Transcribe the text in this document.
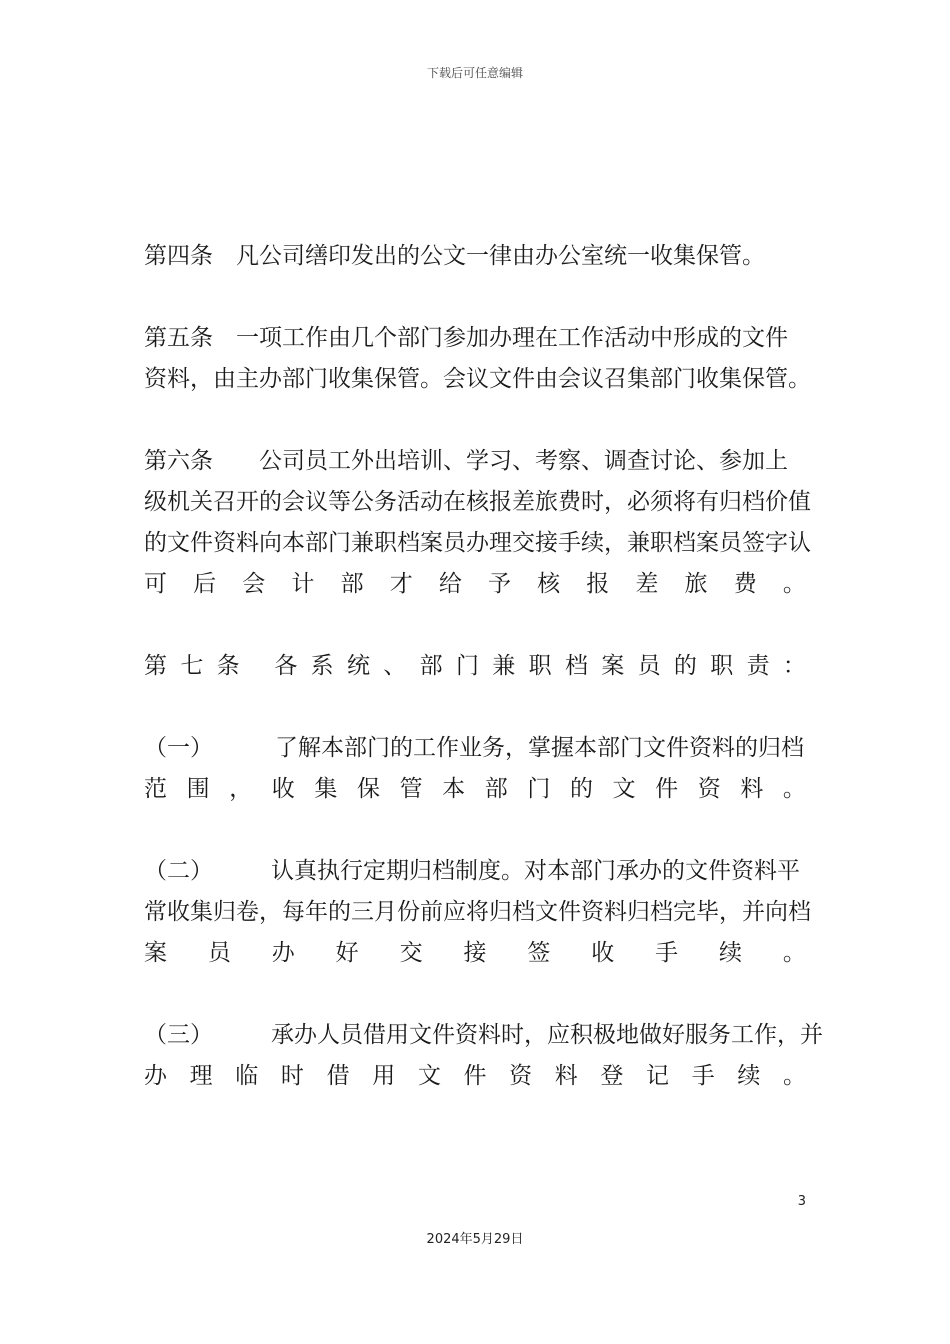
下载后可任意编辑
第四条　凡公司缮印发出的公文一律由办公室统一收集保管。
第五条　一项工作由几个部门参加办理在工作活动中形成的文件
资料，由主办部门收集保管。会议文件由会议召集部门收集保管。
第六条 公司员工外出培训、学习、考察、调查讨论、参加上
级机关召开的会议等公务活动在核报差旅费时，必须将有归档价值
的文件资料向本部门兼职档案员办理交接手续，兼职档案员签字认
可 后 会 计 部 才 给 予 核 报 差 旅 费 。
第 七 条 各 系 统 、 部 门 兼 职 档 案 员 的 职 责 ：
（一）	了解本部门的工作业务，掌握本部门文件资料的归档
范 围 ， 收 集 保 管 本 部 门 的 文 件 资 料 。
（二）	认真执行定期归档制度。对本部门承办的文件资料平
常收集归卷，每年的三月份前应将归档文件资料归档完毕，并向档
案 员 办 好 交 接 签 收 手 续 。
（三）	承办人员借用文件资料时，应积极地做好服务工作，并
办 理 临 时 借 用 文 件 资 料 登 记 手 续 。
3
2024年5月29日
